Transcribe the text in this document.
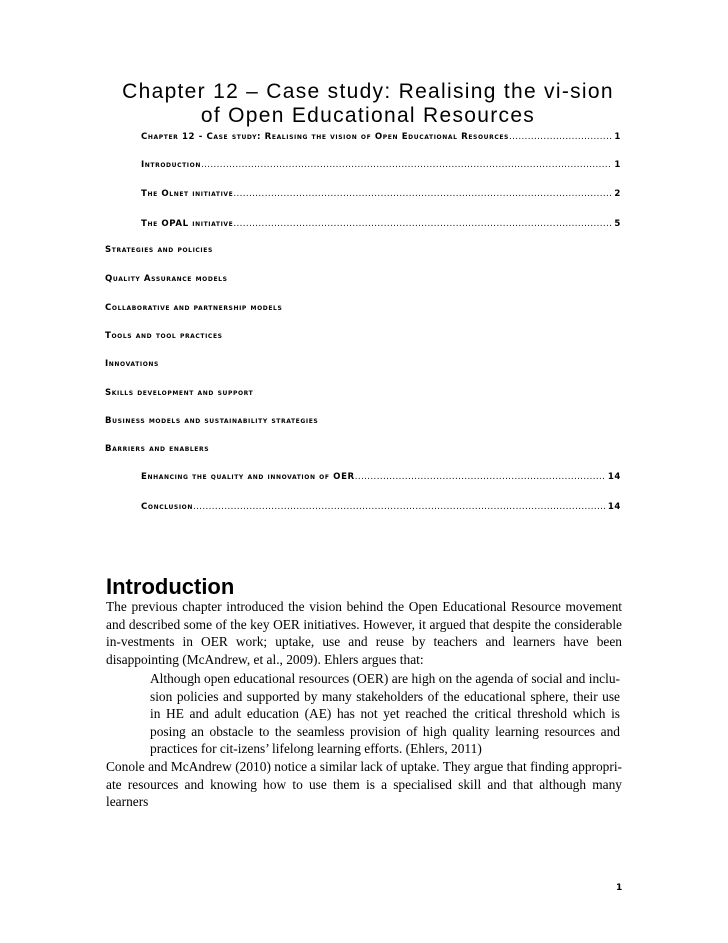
Chapter 12 – Case study: Realising the vi-sion of Open Educational Resources
Chapter 12 - Case study: Realising the vision of Open Educational Resources .....	1
Introduction .....	1
The Olnet initiative .....	2
The OPAL initiative .....	5
Strategies and policies
Quality Assurance models
Collaborative and partnership models
Tools and tool practices
Innovations
Skills development and support
Business models and sustainability strategies
Barriers and enablers
Enhancing the quality and innovation of OER .....	14
Conclusion .....	14
Introduction

The previous chapter introduced the vision behind the Open Educational Resource movement and described some of the key OER initiatives. However, it argued that despite the considerable in-vestments in OER work; uptake, use and reuse by teachers and learners have been disappointing (McAndrew, et al., 2009). Ehlers argues that:

Although open educational resources (OER) are high on the agenda of social and inclu-sion policies and supported by many stakeholders of the educational sphere, their use in HE and adult education (AE) has not yet reached the critical threshold which is posing an obstacle to the seamless provision of high quality learning resources and practices for cit-izens’ lifelong learning efforts. (Ehlers, 2011)

Conole and McAndrew (2010) notice a similar lack of uptake. They argue that finding appropri-ate resources and knowing how to use them is a specialised skill and that although many learners

1
